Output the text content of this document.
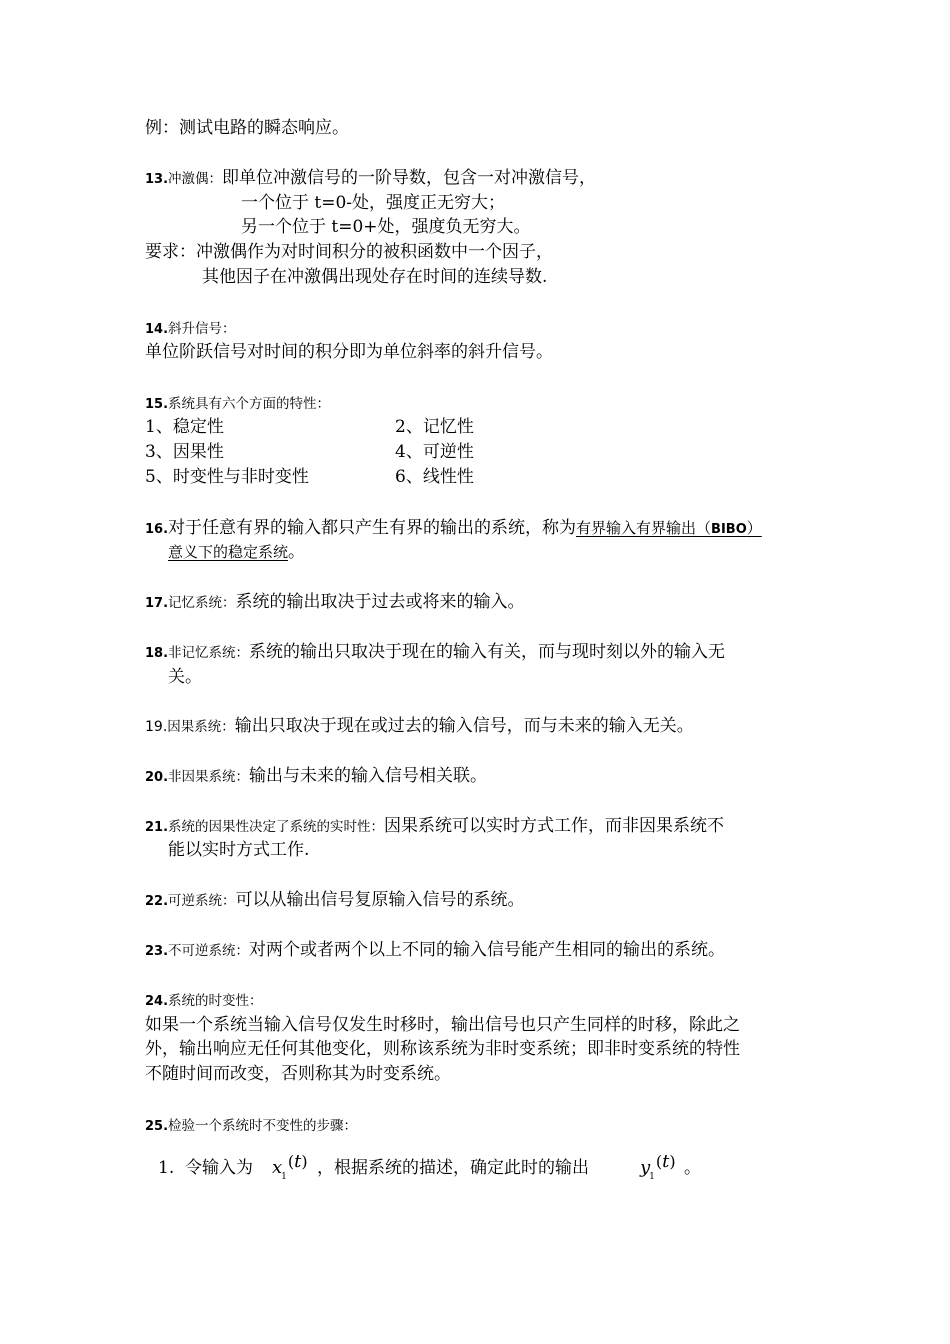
例：测试电路的瞬态响应。
13.冲激偶：即单位冲激信号的一阶导数，包含一对冲激信号，
一个位于 t=0-处，强度正无穷大；
另一个位于 t=0+处，强度负无穷大。
要求：冲激偶作为对时间积分的被积函数中一个因子，
其他因子在冲激偶出现处存在时间的连续导数.
14.斜升信号：
单位阶跃信号对时间的积分即为单位斜率的斜升信号。
15.系统具有六个方面的特性：
1、稳定性	2、记忆性
3、因果性	4、可逆性
5、时变性与非时变性	6、线性性
16.对于任意有界的输入都只产生有界的输出的系统，称为有界输入有界输出（BIBO）
意义下的稳定系统。
17.记忆系统：系统的输出取决于过去或将来的输入。
18.非记忆系统：系统的输出只取决于现在的输入有关，而与现时刻以外的输入无
关。
19.因果系统：输出只取决于现在或过去的输入信号，而与未来的输入无关。
20.非因果系统：输出与未来的输入信号相关联。
21.系统的因果性决定了系统的实时性：因果系统可以实时方式工作，而非因果系统不
能以实时方式工作.
22.可逆系统：可以从输出信号复原输入信号的系统。
23.不可逆系统：对两个或者两个以上不同的输入信号能产生相同的输出的系统。
24.系统的时变性：
如果一个系统当输入信号仅发生时移时，输出信号也只产生同样的时移，除此之
外，输出响应无任何其他变化，则称该系统为非时变系统；即非时变系统的特性
不随时间而改变，否则称其为时变系统。
25.检验一个系统时不变性的步骤：
1. 令输入为 $x_1(t)$ ，根据系统的描述，确定此时的输出	$y_1(t)$ 。
